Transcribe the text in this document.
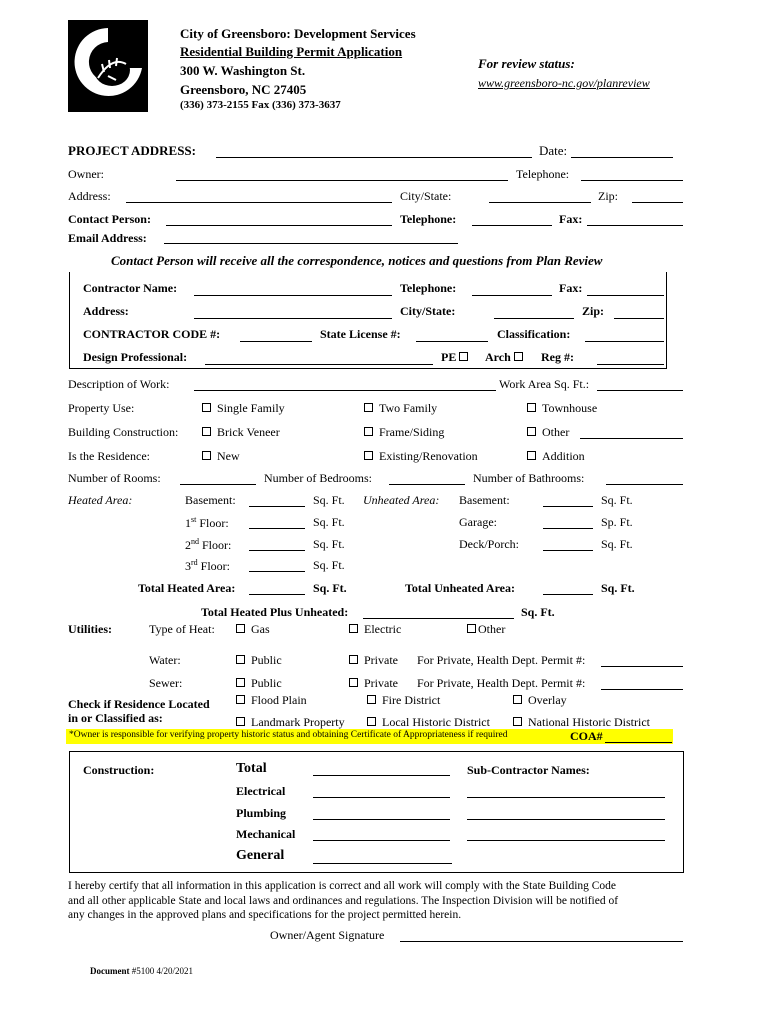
City of Greensboro: Development Services
Residential Building Permit Application
300 W. Washington St.
Greensboro, NC 27405
(336) 373-2155 Fax (336) 373-3637
For review status:
www.greensboro-nc.gov/planreview
PROJECT ADDRESS:	Date:
Owner:	Telephone:
Address:	City/State:	Zip:
Contact Person:	Telephone:	Fax:
Email Address:
Contact Person will receive all the correspondence, notices and questions from Plan Review
Contractor Name:	Telephone:	Fax:
Address:	City/State:	Zip:
CONTRACTOR CODE #:	State License #:	Classification:
Design Professional:	PE	Arch	Reg #:
Description of Work:	Work Area Sq. Ft.:
Property Use:	Single Family	Two Family	Townhouse
Building Construction:	Brick Veneer	Frame/Siding	Other
Is the Residence:	New	Existing/Renovation	Addition
Number of Rooms:	Number of Bedrooms:	Number of Bathrooms:
Heated Area:	Basement:	Sq. Ft. Unheated Area: Basement:	Sq. Ft.
1st Floor:	Sq. Ft.	Garage:	Sp. Ft.
2nd Floor:	Sq. Ft.	Deck/Porch:	Sq. Ft.
3rd Floor:	Sq. Ft.
Total Heated Area:	Sq. Ft.	Total Unheated Area:	Sq. Ft.
Total Heated Plus Unheated:	Sq. Ft.
Utilities:	Type of Heat:	Gas	Electric	Other
Water:	Public	Private For Private, Health Dept. Permit #:
Sewer:	Public	Private For Private, Health Dept. Permit #:
Check if Residence Located
in or Classified as:
Flood Plain	Fire District	Overlay
Landmark Property	Local Historic District	National Historic District
*Owner is responsible for verifying property historic status and obtaining Certificate of Appropriateness if required	COA#
Construction:	Total	Sub-Contractor Names:
Electrical
Plumbing
Mechanical
General
I hereby certify that all information in this application is correct and all work will comply with the State Building Code
and all other applicable State and local laws and ordinances and regulations. The Inspection Division will be notified of
any changes in the approved plans and specifications for the project permitted herein.
Owner/Agent Signature
Document #5100 4/20/2021
